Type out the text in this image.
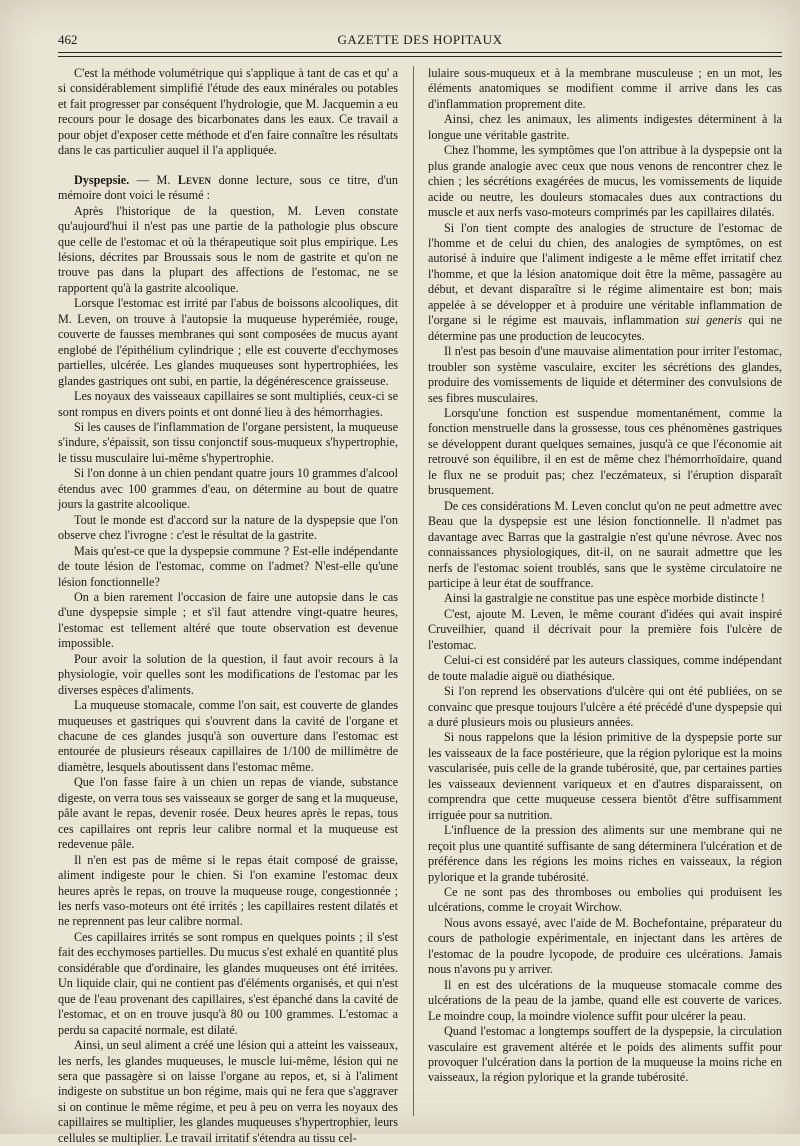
462	GAZETTE DES HOPITAUX

C'est la méthode volumétrique qui s'applique à tant de cas et qu' a si considérablement simplifié l'étude des eaux minérales ou potables et fait progresser par conséquent l'hydrologie, que M. Jacquemin a eu recours pour le dosage des bicarbonates dans les eaux. Ce travail a pour objet d'exposer cette méthode et d'en faire connaître les résultats dans le cas particulier auquel il l'a appliquée.

Dyspepsie. — M. Leven donne lecture, sous ce titre, d'un mémoire dont voici le résumé :

Après l'historique de la question, M. Leven constate qu'aujourd'hui il n'est pas une partie de la pathologie plus obscure que celle de l'estomac et où la thérapeutique soit plus empirique. Les lésions, décrites par Broussais sous le nom de gastrite et qu'on ne trouve pas dans la plupart des affections de l'estomac, ne se rapportent qu'à la gastrite alcoolique.

Lorsque l'estomac est irrité par l'abus de boissons alcooliques, dit M. Leven, on trouve à l'autopsie la muqueuse hyperémiée, rouge, couverte de fausses membranes qui sont composées de mucus ayant englobé de l'épithélium cylindrique ; elle est couverte d'ecchymoses partielles, ulcérée. Les glandes muqueuses sont hypertrophiées, les glandes gastriques ont subi, en partie, la dégénérescence graisseuse.

Les noyaux des vaisseaux capillaires se sont multipliés, ceux-ci se sont rompus en divers points et ont donné lieu à des hémorrhagies.

Si les causes de l'inflammation de l'organe persistent, la muqueuse s'indure, s'épaissit, son tissu conjonctif sous-muqueux s'hypertrophie, le tissu musculaire lui-même s'hypertrophie.

Si l'on donne à un chien pendant quatre jours 10 grammes d'alcool étendus avec 100 grammes d'eau, on détermine au bout de quatre jours la gastrite alcoolique.

Tout le monde est d'accord sur la nature de la dyspepsie que l'on observe chez l'ivrogne : c'est le résultat de la gastrite.

Mais qu'est-ce que la dyspepsie commune ? Est-elle indépendante de toute lésion de l'estomac, comme on l'admet? N'est-elle qu'une lésion fonctionnelle?

On a bien rarement l'occasion de faire une autopsie dans le cas d'une dyspepsie simple ; et s'il faut attendre vingt-quatre heures, l'estomac est tellement altéré que toute observation est devenue impossible.

Pour avoir la solution de la question, il faut avoir recours à la physiologie, voir quelles sont les modifications de l'estomac par les diverses espèces d'aliments.

La muqueuse stomacale, comme l'on sait, est couverte de glandes muqueuses et gastriques qui s'ouvrent dans la cavité de l'organe et chacune de ces glandes jusqu'à son ouverture dans l'estomac est entourée de plusieurs réseaux capillaires de 1/100 de millimètre de diamètre, lesquels aboutissent dans l'estomac même.

Que l'on fasse faire à un chien un repas de viande, substance digeste, on verra tous ses vaisseaux se gorger de sang et la muqueuse, pâle avant le repas, devenir rosée. Deux heures après le repas, tous ces capillaires ont repris leur calibre normal et la muqueuse est redevenue pâle.

Il n'en est pas de même si le repas était composé de graisse, aliment indigeste pour le chien. Si l'on examine l'estomac deux heures après le repas, on trouve la muqueuse rouge, congestionnée ; les nerfs vaso-moteurs ont été irrités ; les capillaires restent dilatés et ne reprennent pas leur calibre normal.

Ces capillaires irrités se sont rompus en quelques points ; il s'est fait des ecchymoses partielles. Du mucus s'est exhalé en quantité plus considérable que d'ordinaire, les glandes muqueuses ont été irritées. Un liquide clair, qui ne contient pas d'éléments organisés, et qui n'est que de l'eau provenant des capillaires, s'est épanché dans la cavité de l'estomac, et on en trouve jusqu'à 80 ou 100 grammes. L'estomac a perdu sa capacité normale, est dilaté.

Ainsi, un seul aliment a créé une lésion qui a atteint les vaisseaux, les nerfs, les glandes muqueuses, le muscle lui-même, lésion qui ne sera que passagère si on laisse l'organe au repos, et, si à l'aliment indigeste on substitue un bon régime, mais qui ne fera que s'aggraver si on continue le même régime, et peu à peu on verra les noyaux des capillaires se multiplier, les glandes muqueuses s'hypertrophier, leurs cellules se multiplier. Le travail irritatif s'étendra au tissu cel-

lulaire sous-muqueux et à la membrane musculeuse ; en un mot, les éléments anatomiques se modifient comme il arrive dans les cas d'inflammation proprement dite.

Ainsi, chez les animaux, les aliments indigestes déterminent à la longue une véritable gastrite.

Chez l'homme, les symptômes que l'on attribue à la dyspepsie ont la plus grande analogie avec ceux que nous venons de rencontrer chez le chien ; les sécrétions exagérées de mucus, les vomissements de liquide acide ou neutre, les douleurs stomacales dues aux contractions du muscle et aux nerfs vaso-moteurs comprimés par les capillaires dilatés.

Si l'on tient compte des analogies de structure de l'estomac de l'homme et de celui du chien, des analogies de symptômes, on est autorisé à induire que l'aliment indigeste a le même effet irritatif chez l'homme, et que la lésion anatomique doit être la même, passagère au début, et devant disparaître si le régime alimentaire est bon; mais appelée à se développer et à produire une véritable inflammation de l'organe si le régime est mauvais, inflammation sui generis qui ne détermine pas une production de leucocytes.

Il n'est pas besoin d'une mauvaise alimentation pour irriter l'estomac, troubler son système vasculaire, exciter les sécrétions des glandes, produire des vomissements de liquide et déterminer des convulsions de ses fibres musculaires.

Lorsqu'une fonction est suspendue momentanément, comme la fonction menstruelle dans la grossesse, tous ces phénomènes gastriques se développent durant quelques semaines, jusqu'à ce que l'économie ait retrouvé son équilibre, il en est de même chez l'hémorrhoïdaire, quand le flux ne se produit pas; chez l'eczémateux, si l'éruption disparaît brusquement.

De ces considérations M. Leven conclut qu'on ne peut admettre avec Beau que la dyspepsie est une lésion fonctionnelle. Il n'admet pas davantage avec Barras que la gastralgie n'est qu'une névrose. Avec nos connaissances physiologiques, dit-il, on ne saurait admettre que les nerfs de l'estomac soient troublés, sans que le système circulatoire ne participe à leur état de souffrance.

Ainsi la gastralgie ne constitue pas une espèce morbide distincte !

C'est, ajoute M. Leven, le même courant d'idées qui avait inspiré Cruveilhier, quand il décrivait pour la première fois l'ulcère de l'estomac.

Celui-ci est considéré par les auteurs classiques, comme indépendant de toute maladie aiguë ou diathésique.

Si l'on reprend les observations d'ulcère qui ont été publiées, on se convainc que presque toujours l'ulcère a été précédé d'une dyspepsie qui a duré plusieurs mois ou plusieurs années.

Si nous rappelons que la lésion primitive de la dyspepsie porte sur les vaisseaux de la face postérieure, que la région pylorique est la moins vascularisée, puis celle de la grande tubérosité, que, par certaines parties les vaisseaux deviennent variqueux et en d'autres disparaissent, on comprendra que cette muqueuse cessera bientôt d'être suffisamment irriguée pour sa nutrition.

L'influence de la pression des aliments sur une membrane qui ne reçoit plus une quantité suffisante de sang déterminera l'ulcération et de préférence dans les régions les moins riches en vaisseaux, la région pylorique et la grande tubérosité.

Ce ne sont pas des thromboses ou embolies qui produisent les ulcérations, comme le croyait Wirchow.

Nous avons essayé, avec l'aide de M. Bochefontaine, préparateur du cours de pathologie expérimentale, en injectant dans les artères de l'estomac de la poudre lycopode, de produire ces ulcérations. Jamais nous n'avons pu y arriver.

Il en est des ulcérations de la muqueuse stomacale comme des ulcérations de la peau de la jambe, quand elle est couverte de varices. Le moindre coup, la moindre violence suffit pour ulcérer la peau.

Quand l'estomac a longtemps souffert de la dyspepsie, la circulation vasculaire est gravement altérée et le poids des aliments suffit pour provoquer l'ulcération dans la portion de la muqueuse la moins riche en vaisseaux, la région pylorique et la grande tubérosité.
